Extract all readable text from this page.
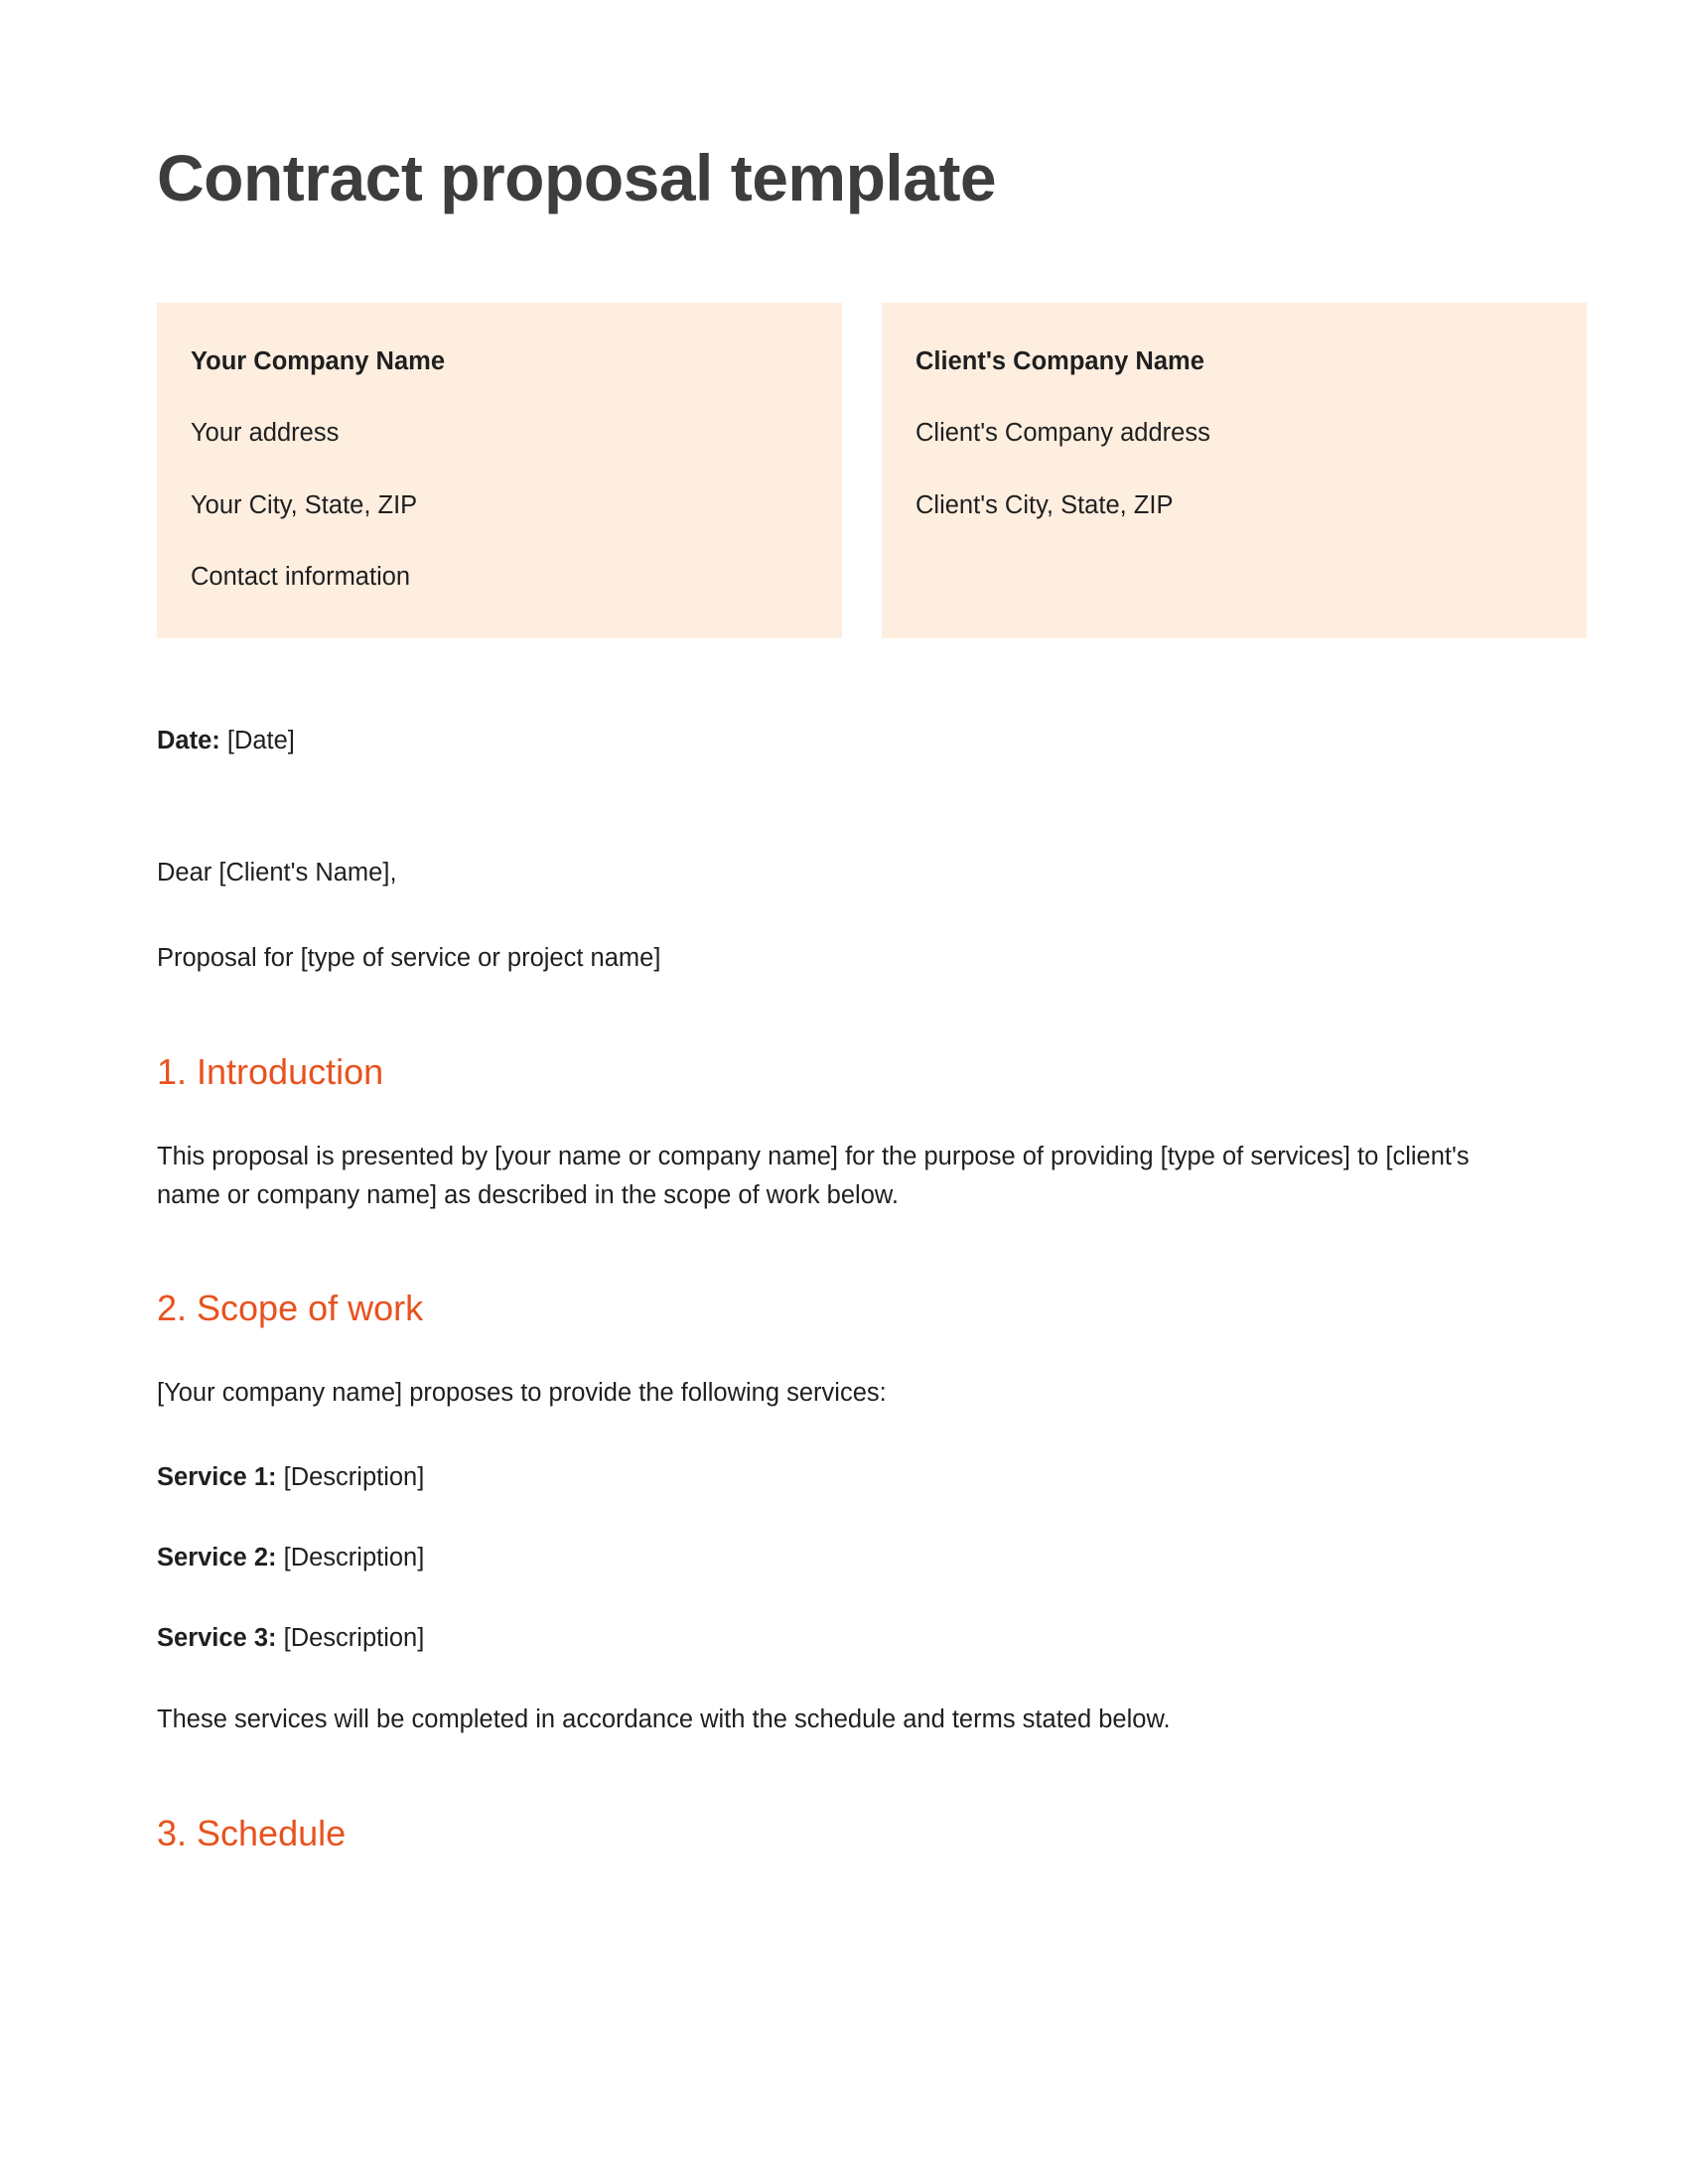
Contract proposal template

Your Company Name

Your address

Your City, State, ZIP

Contact information

Client's Company Name

Client's Company address

Client's City, State, ZIP

Date: [Date]

Dear [Client's Name],

Proposal for [type of service or project name]

1. Introduction

This proposal is presented by [your name or company name] for the purpose of providing [type of services] to [client's name or company name] as described in the scope of work below.

2. Scope of work

[Your company name] proposes to provide the following services:

Service 1: [Description]

Service 2: [Description]

Service 3: [Description]

These services will be completed in accordance with the schedule and terms stated below.

3. Schedule
